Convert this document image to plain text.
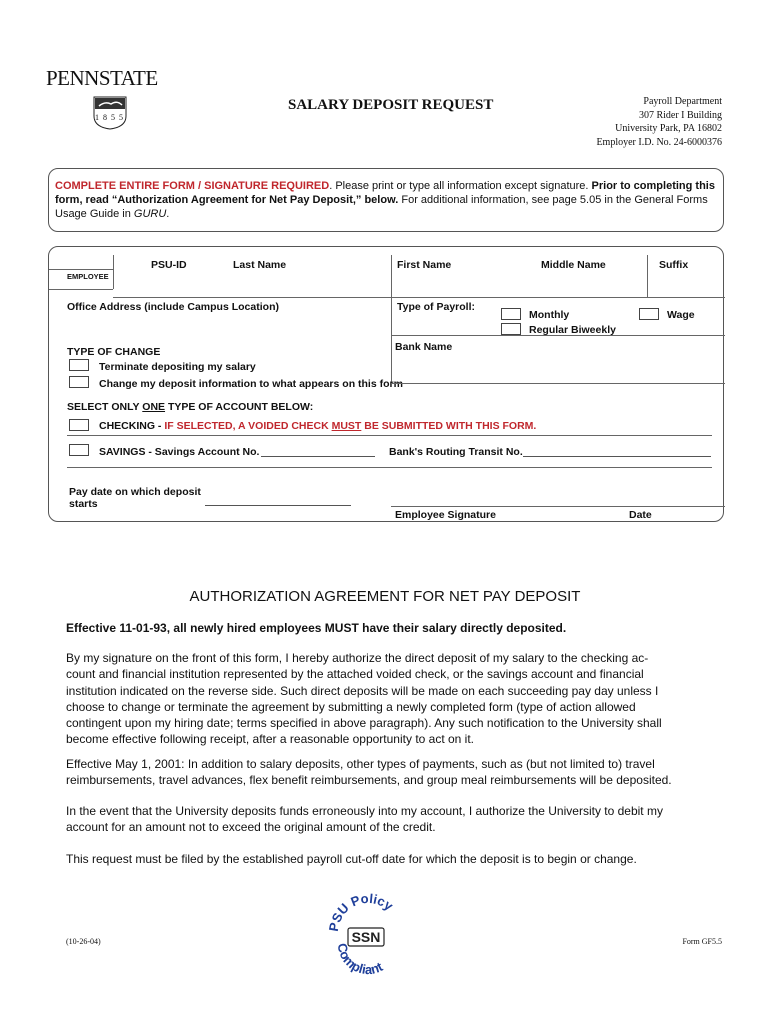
PENNSTATE
1 8 5 5
SALARY DEPOSIT REQUEST	Payroll Department
307 Rider I Building
University Park, PA 16802
Employer I.D. No. 24-6000376
COMPLETE ENTIRE FORM / SIGNATURE REQUIRED. Please print or type all information except signature. Prior to completing this form, read “Authorization Agreement for Net Pay Deposit,” below. For additional information, see page 5.05 in the General Forms Usage Guide in GURU.
PSU-ID	Last Name	First Name	Middle Name	Suffix
EMPLOYEE
Office Address (include Campus Location)	Type of Payroll:
Monthly	Wage
Regular Biweekly
TYPE OF CHANGE	Bank Name
Terminate depositing my salary
Change my deposit information to what appears on this form
SELECT ONLY ONE TYPE OF ACCOUNT BELOW:
CHECKING - IF SELECTED, A VOIDED CHECK MUST BE SUBMITTED WITH THIS FORM.
SAVINGS - Savings Account No.	Bank's Routing Transit No.
Pay date on which deposit
starts
Employee Signature	Date
AUTHORIZATION AGREEMENT FOR NET PAY DEPOSIT
Effective 11-01-93, all newly hired employees MUST have their salary directly deposited.
By my signature on the front of this form, I hereby authorize the direct deposit of my salary to the checking ac-
count and financial institution represented by the attached voided check, or the savings account and financial
institution indicated on the reverse side. Such direct deposits will be made on each succeeding pay day unless I
choose to change or terminate the agreement by submitting a newly completed form (type of action allowed
contingent upon my hiring date; terms specified in above paragraph). Any such notification to the University shall
become effective following receipt, after a reasonable opportunity to act on it.
Effective May 1, 2001: In addition to salary deposits, other types of payments, such as (but not limited to) travel
reimbursements, travel advances, flex benefit reimbursements, and group meal reimbursements will be deposited.
In the event that the University deposits funds erroneously into my account, I authorize the University to debit my
account for an amount not to exceed the original amount of the credit.
This request must be filed by the established payroll cut-off date for which the deposit is to begin or change.
PSU Policy
SSN
Compliant
(10-26-04)	Form GF5.5
